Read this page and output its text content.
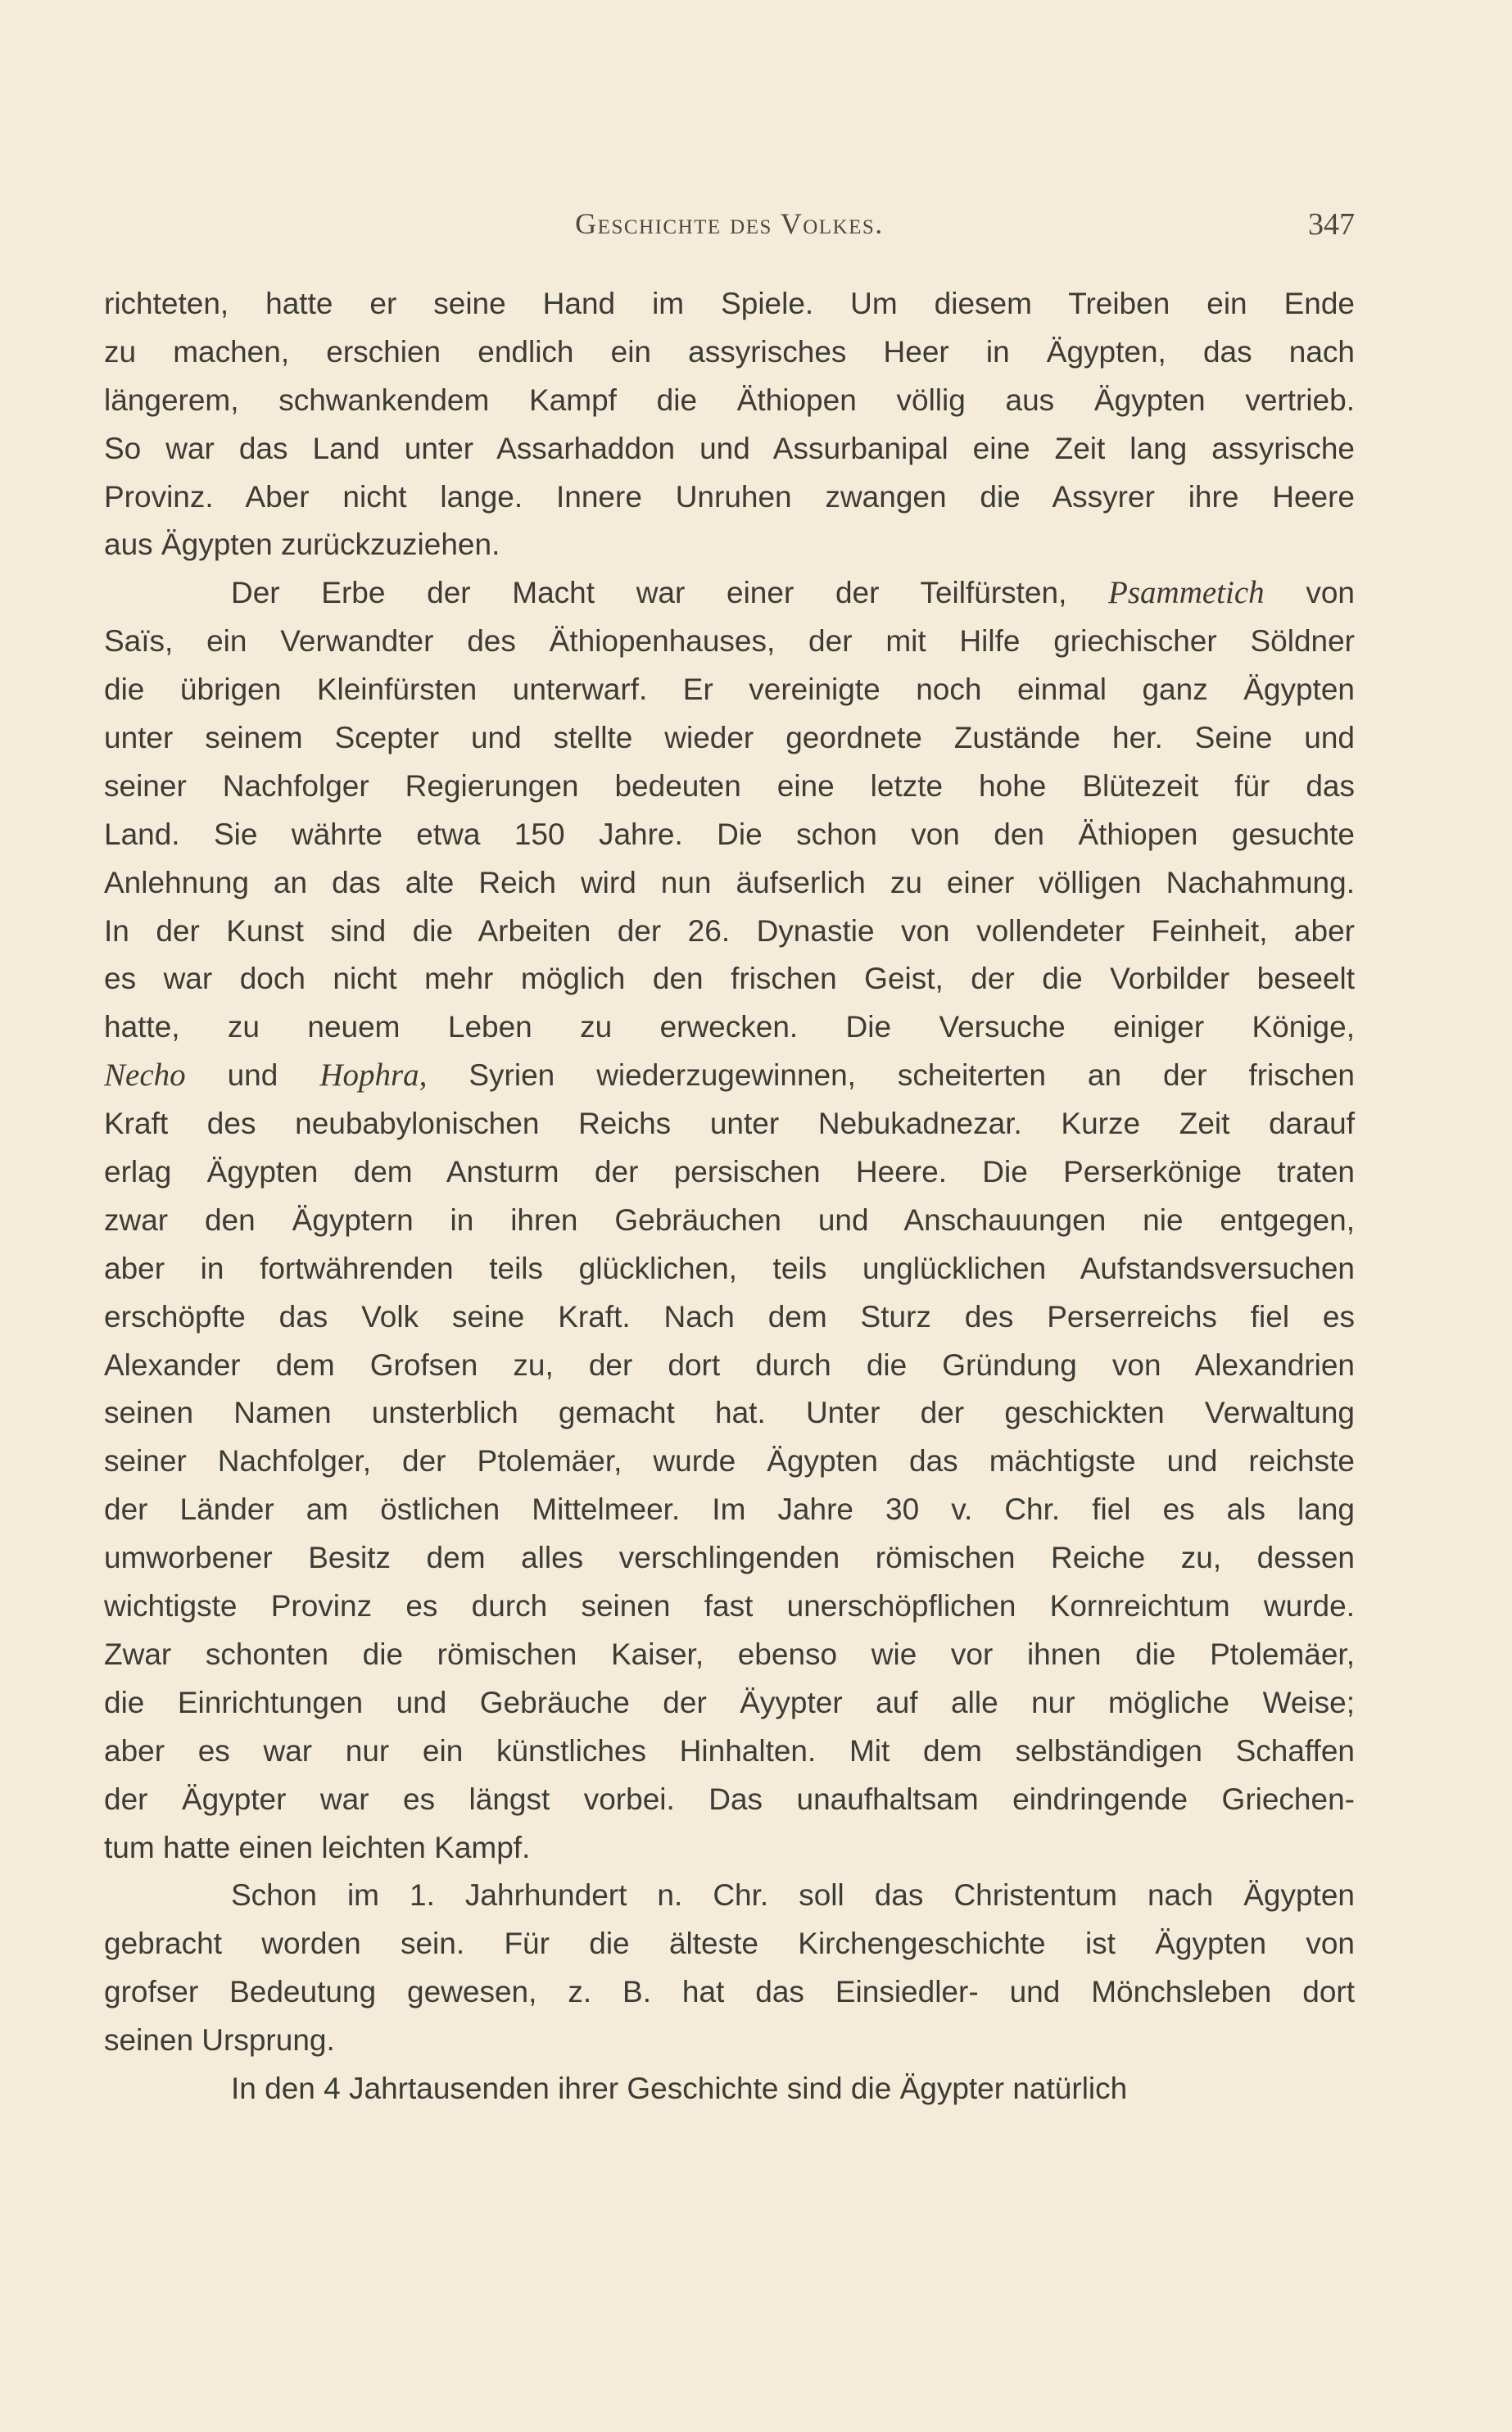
Geschichte des Volkes.	347
richteten, hatte er seine Hand im Spiele. Um diesem Treiben ein Ende
zu machen, erschien endlich ein assyrisches Heer in Ägypten, das nach
längerem, schwankendem Kampf die Äthiopen völlig aus Ägypten vertrieb.
So war das Land unter Assarhaddon und Assurbanipal eine Zeit lang assyrische
Provinz. Aber nicht lange. Innere Unruhen zwangen die Assyrer ihre Heere
aus Ägypten zurückzuziehen.
Der Erbe der Macht war einer der Teilfürsten, Psammetich von
Saïs, ein Verwandter des Äthiopenhauses, der mit Hilfe griechischer Söldner
die übrigen Kleinfürsten unterwarf. Er vereinigte noch einmal ganz Ägypten
unter seinem Scepter und stellte wieder geordnete Zustände her. Seine und
seiner Nachfolger Regierungen bedeuten eine letzte hohe Blütezeit für das
Land. Sie währte etwa 150 Jahre. Die schon von den Äthiopen gesuchte
Anlehnung an das alte Reich wird nun äufserlich zu einer völligen Nachahmung.
In der Kunst sind die Arbeiten der 26. Dynastie von vollendeter Feinheit, aber
es war doch nicht mehr möglich den frischen Geist, der die Vorbilder beseelt
hatte, zu neuem Leben zu erwecken. Die Versuche einiger Könige,
Necho und Hophra, Syrien wiederzugewinnen, scheiterten an der frischen
Kraft des neubabylonischen Reichs unter Nebukadnezar. Kurze Zeit darauf
erlag Ägypten dem Ansturm der persischen Heere. Die Perserkönige traten
zwar den Ägyptern in ihren Gebräuchen und Anschauungen nie entgegen,
aber in fortwährenden teils glücklichen, teils unglücklichen Aufstandsversuchen
erschöpfte das Volk seine Kraft. Nach dem Sturz des Perserreichs fiel es
Alexander dem Grofsen zu, der dort durch die Gründung von Alexandrien
seinen Namen unsterblich gemacht hat. Unter der geschickten Verwaltung
seiner Nachfolger, der Ptolemäer, wurde Ägypten das mächtigste und reichste
der Länder am östlichen Mittelmeer. Im Jahre 30 v. Chr. fiel es als lang
umworbener Besitz dem alles verschlingenden römischen Reiche zu, dessen
wichtigste Provinz es durch seinen fast unerschöpflichen Kornreichtum wurde.
Zwar schonten die römischen Kaiser, ebenso wie vor ihnen die Ptolemäer,
die Einrichtungen und Gebräuche der Äyypter auf alle nur mögliche Weise;
aber es war nur ein künstliches Hinhalten. Mit dem selbständigen Schaffen
der Ägypter war es längst vorbei. Das unaufhaltsam eindringende Griechen-
tum hatte einen leichten Kampf.
Schon im 1. Jahrhundert n. Chr. soll das Christentum nach Ägypten
gebracht worden sein. Für die älteste Kirchengeschichte ist Ägypten von
grofser Bedeutung gewesen, z. B. hat das Einsiedler- und Mönchsleben dort
seinen Ursprung.
In den 4 Jahrtausenden ihrer Geschichte sind die Ägypter natürlich
